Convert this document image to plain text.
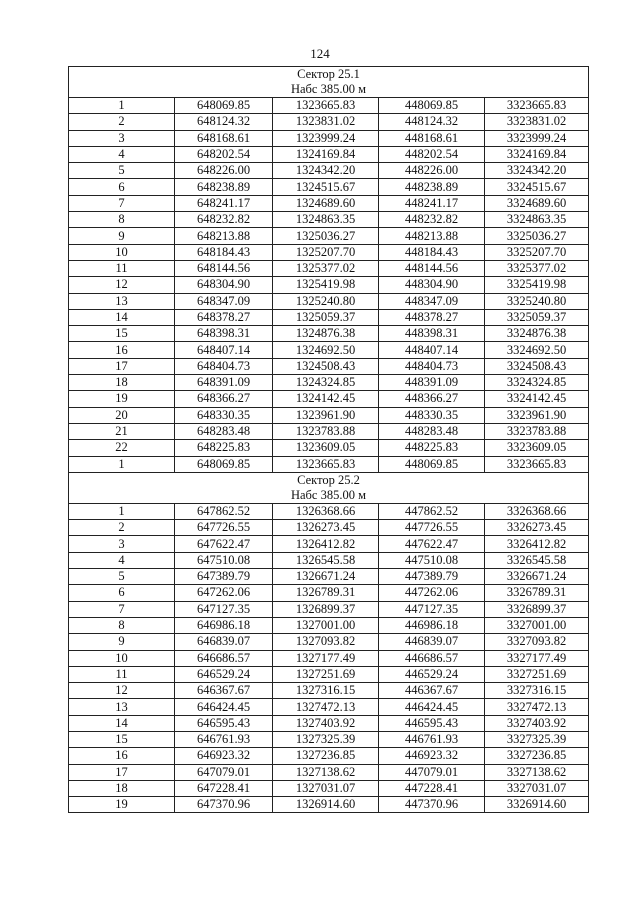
124
Сектор 25.1
Набс 385.00 м				

1	648069.85	1323665.83	448069.85	3323665.83
2	648124.32	1323831.02	448124.32	3323831.02
3	648168.61	1323999.24	448168.61	3323999.24
4	648202.54	1324169.84	448202.54	3324169.84
5	648226.00	1324342.20	448226.00	3324342.20
6	648238.89	1324515.67	448238.89	3324515.67
7	648241.17	1324689.60	448241.17	3324689.60
8	648232.82	1324863.35	448232.82	3324863.35
9	648213.88	1325036.27	448213.88	3325036.27
10	648184.43	1325207.70	448184.43	3325207.70
11	648144.56	1325377.02	448144.56	3325377.02
12	648304.90	1325419.98	448304.90	3325419.98
13	648347.09	1325240.80	448347.09	3325240.80
14	648378.27	1325059.37	448378.27	3325059.37
15	648398.31	1324876.38	448398.31	3324876.38
16	648407.14	1324692.50	448407.14	3324692.50
17	648404.73	1324508.43	448404.73	3324508.43
18	648391.09	1324324.85	448391.09	3324324.85
19	648366.27	1324142.45	448366.27	3324142.45
20	648330.35	1323961.90	448330.35	3323961.90
21	648283.48	1323783.88	448283.48	3323783.88
22	648225.83	1323609.05	448225.83	3323609.05
1	648069.85	1323665.83	448069.85	3323665.83

Сектор 25.2
Набс 385.00 м				

1	647862.52	1326368.66	447862.52	3326368.66
2	647726.55	1326273.45	447726.55	3326273.45
3	647622.47	1326412.82	447622.47	3326412.82
4	647510.08	1326545.58	447510.08	3326545.58
5	647389.79	1326671.24	447389.79	3326671.24
6	647262.06	1326789.31	447262.06	3326789.31
7	647127.35	1326899.37	447127.35	3326899.37
8	646986.18	1327001.00	446986.18	3327001.00
9	646839.07	1327093.82	446839.07	3327093.82
10	646686.57	1327177.49	446686.57	3327177.49
11	646529.24	1327251.69	446529.24	3327251.69
12	646367.67	1327316.15	446367.67	3327316.15
13	646424.45	1327472.13	446424.45	3327472.13
14	646595.43	1327403.92	446595.43	3327403.92
15	646761.93	1327325.39	446761.93	3327325.39
16	646923.32	1327236.85	446923.32	3327236.85
17	647079.01	1327138.62	447079.01	3327138.62
18	647228.41	1327031.07	447228.41	3327031.07
19	647370.96	1326914.60	447370.96	3326914.60
